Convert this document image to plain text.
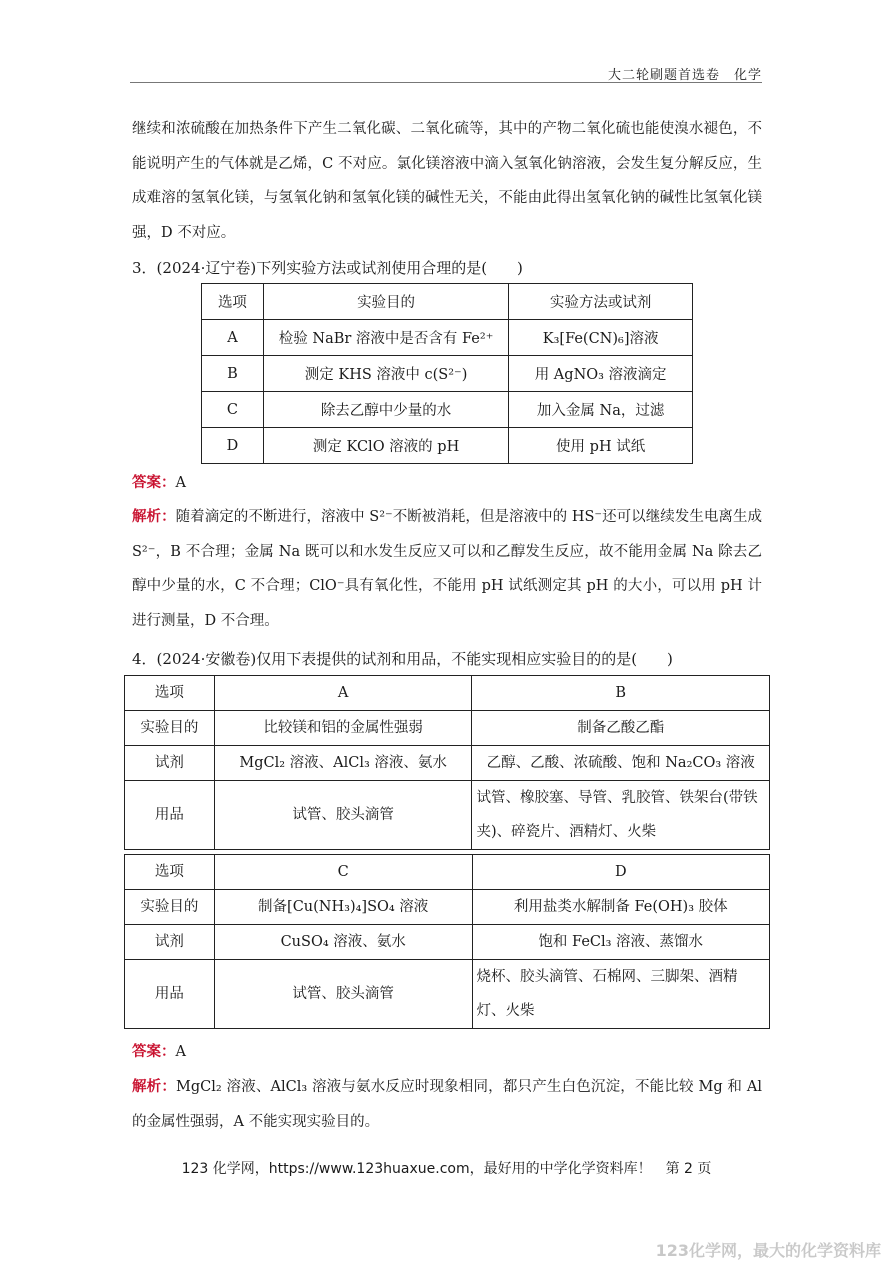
大二轮刷题首选卷　化学
继续和浓硫酸在加热条件下产生二氧化碳、二氧化硫等，其中的产物二氧化硫也能使溴水褪色，不能说明产生的气体就是乙烯，C 不对应。氯化镁溶液中滴入氢氧化钠溶液，会发生复分解反应，生成难溶的氢氧化镁，与氢氧化钠和氢氧化镁的碱性无关，不能由此得出氢氧化钠的碱性比氢氧化镁强，D 不对应。
3．(2024·辽宁卷)下列实验方法或试剂使用合理的是(　　)
选项	实验目的	实验方法或试剂
A	检验 NaBr 溶液中是否含有 Fe²⁺	K₃[Fe(CN)₆]溶液
B	测定 KHS 溶液中 c(S²⁻)	用 AgNO₃ 溶液滴定
C	除去乙醇中少量的水	加入金属 Na，过滤
D	测定 KClO 溶液的 pH	使用 pH 试纸
答案：A
解析：随着滴定的不断进行，溶液中 S²⁻不断被消耗，但是溶液中的 HS⁻还可以继续发生电离生成 S²⁻，B 不合理；金属 Na 既可以和水发生反应又可以和乙醇发生反应，故不能用金属 Na 除去乙醇中少量的水，C 不合理；ClO⁻具有氧化性，不能用 pH 试纸测定其 pH 的大小，可以用 pH 计进行测量，D 不合理。
4．(2024·安徽卷)仅用下表提供的试剂和用品，不能实现相应实验目的的是(　　)
选项	A	B
实验目的	比较镁和铝的金属性强弱	制备乙酸乙酯
试剂	MgCl₂ 溶液、AlCl₃ 溶液、氨水	乙醇、乙酸、浓硫酸、饱和 Na₂CO₃ 溶液
用品	试管、胶头滴管	试管、橡胶塞、导管、乳胶管、铁架台(带铁夹)、碎瓷片、酒精灯、火柴
选项	C	D
实验目的	制备[Cu(NH₃)₄]SO₄ 溶液	利用盐类水解制备 Fe(OH)₃ 胶体
试剂	CuSO₄ 溶液、氨水	饱和 FeCl₃ 溶液、蒸馏水
用品	试管、胶头滴管	烧杯、胶头滴管、石棉网、三脚架、酒精灯、火柴
答案：A
解析：MgCl₂ 溶液、AlCl₃ 溶液与氨水反应时现象相同，都只产生白色沉淀，不能比较 Mg 和 Al 的金属性强弱，A 不能实现实验目的。
123 化学网，https://www.123huaxue.com，最好用的中学化学资料库！　第 2 页
123化学网，最大的化学资料库
